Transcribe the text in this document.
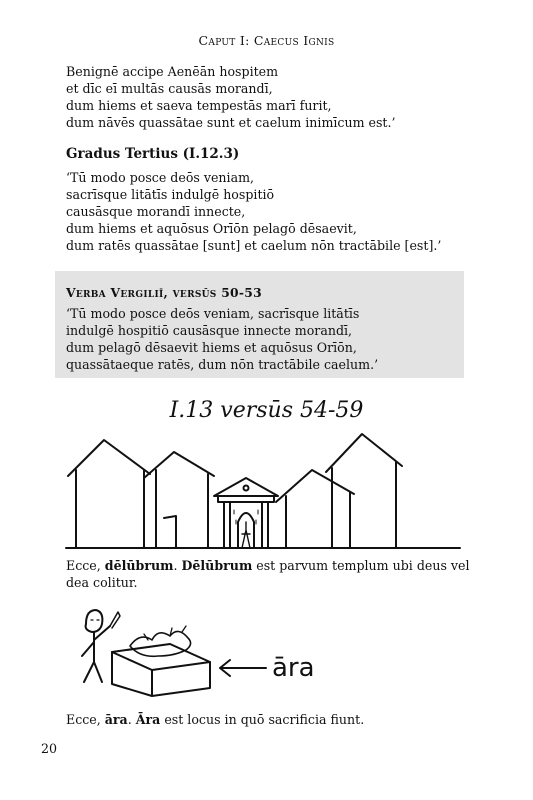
Caput I: Caecus Ignis
Benignē accipe Aenēān hospitem
et dīc eī multās causās morandī,
dum hiems et saeva tempestās marī furit,
dum nāvēs quassātae sunt et caelum inimīcum est.’
Gradus Tertius (I.12.3)
‘Tū modo posce deōs veniam,
sacrīsque litātīs indulgē hospitiō
causāsque morandī innecte,
dum hiems et aquōsus Orīōn pelagō dēsaevit,
dum ratēs quassātae [sunt] et caelum nōn tractābile [est].’
Verba Vergiliī, versūs 50-53
‘Tū modo posce deōs veniam, sacrīsque litātīs
indulgē hospitiō causāsque innecte morandī,
dum pelagō dēsaevit hiems et aquōsus Orīōn,
quassātaeque ratēs, dum nōn tractābile caelum.’
I.13 versūs 54-59
Ecce, dēlūbrum. Dēlūbrum est parvum templum ubi deus vel dea colitur.
āra
Ecce, āra. Āra est locus in quō sacrificia fiunt.
20
